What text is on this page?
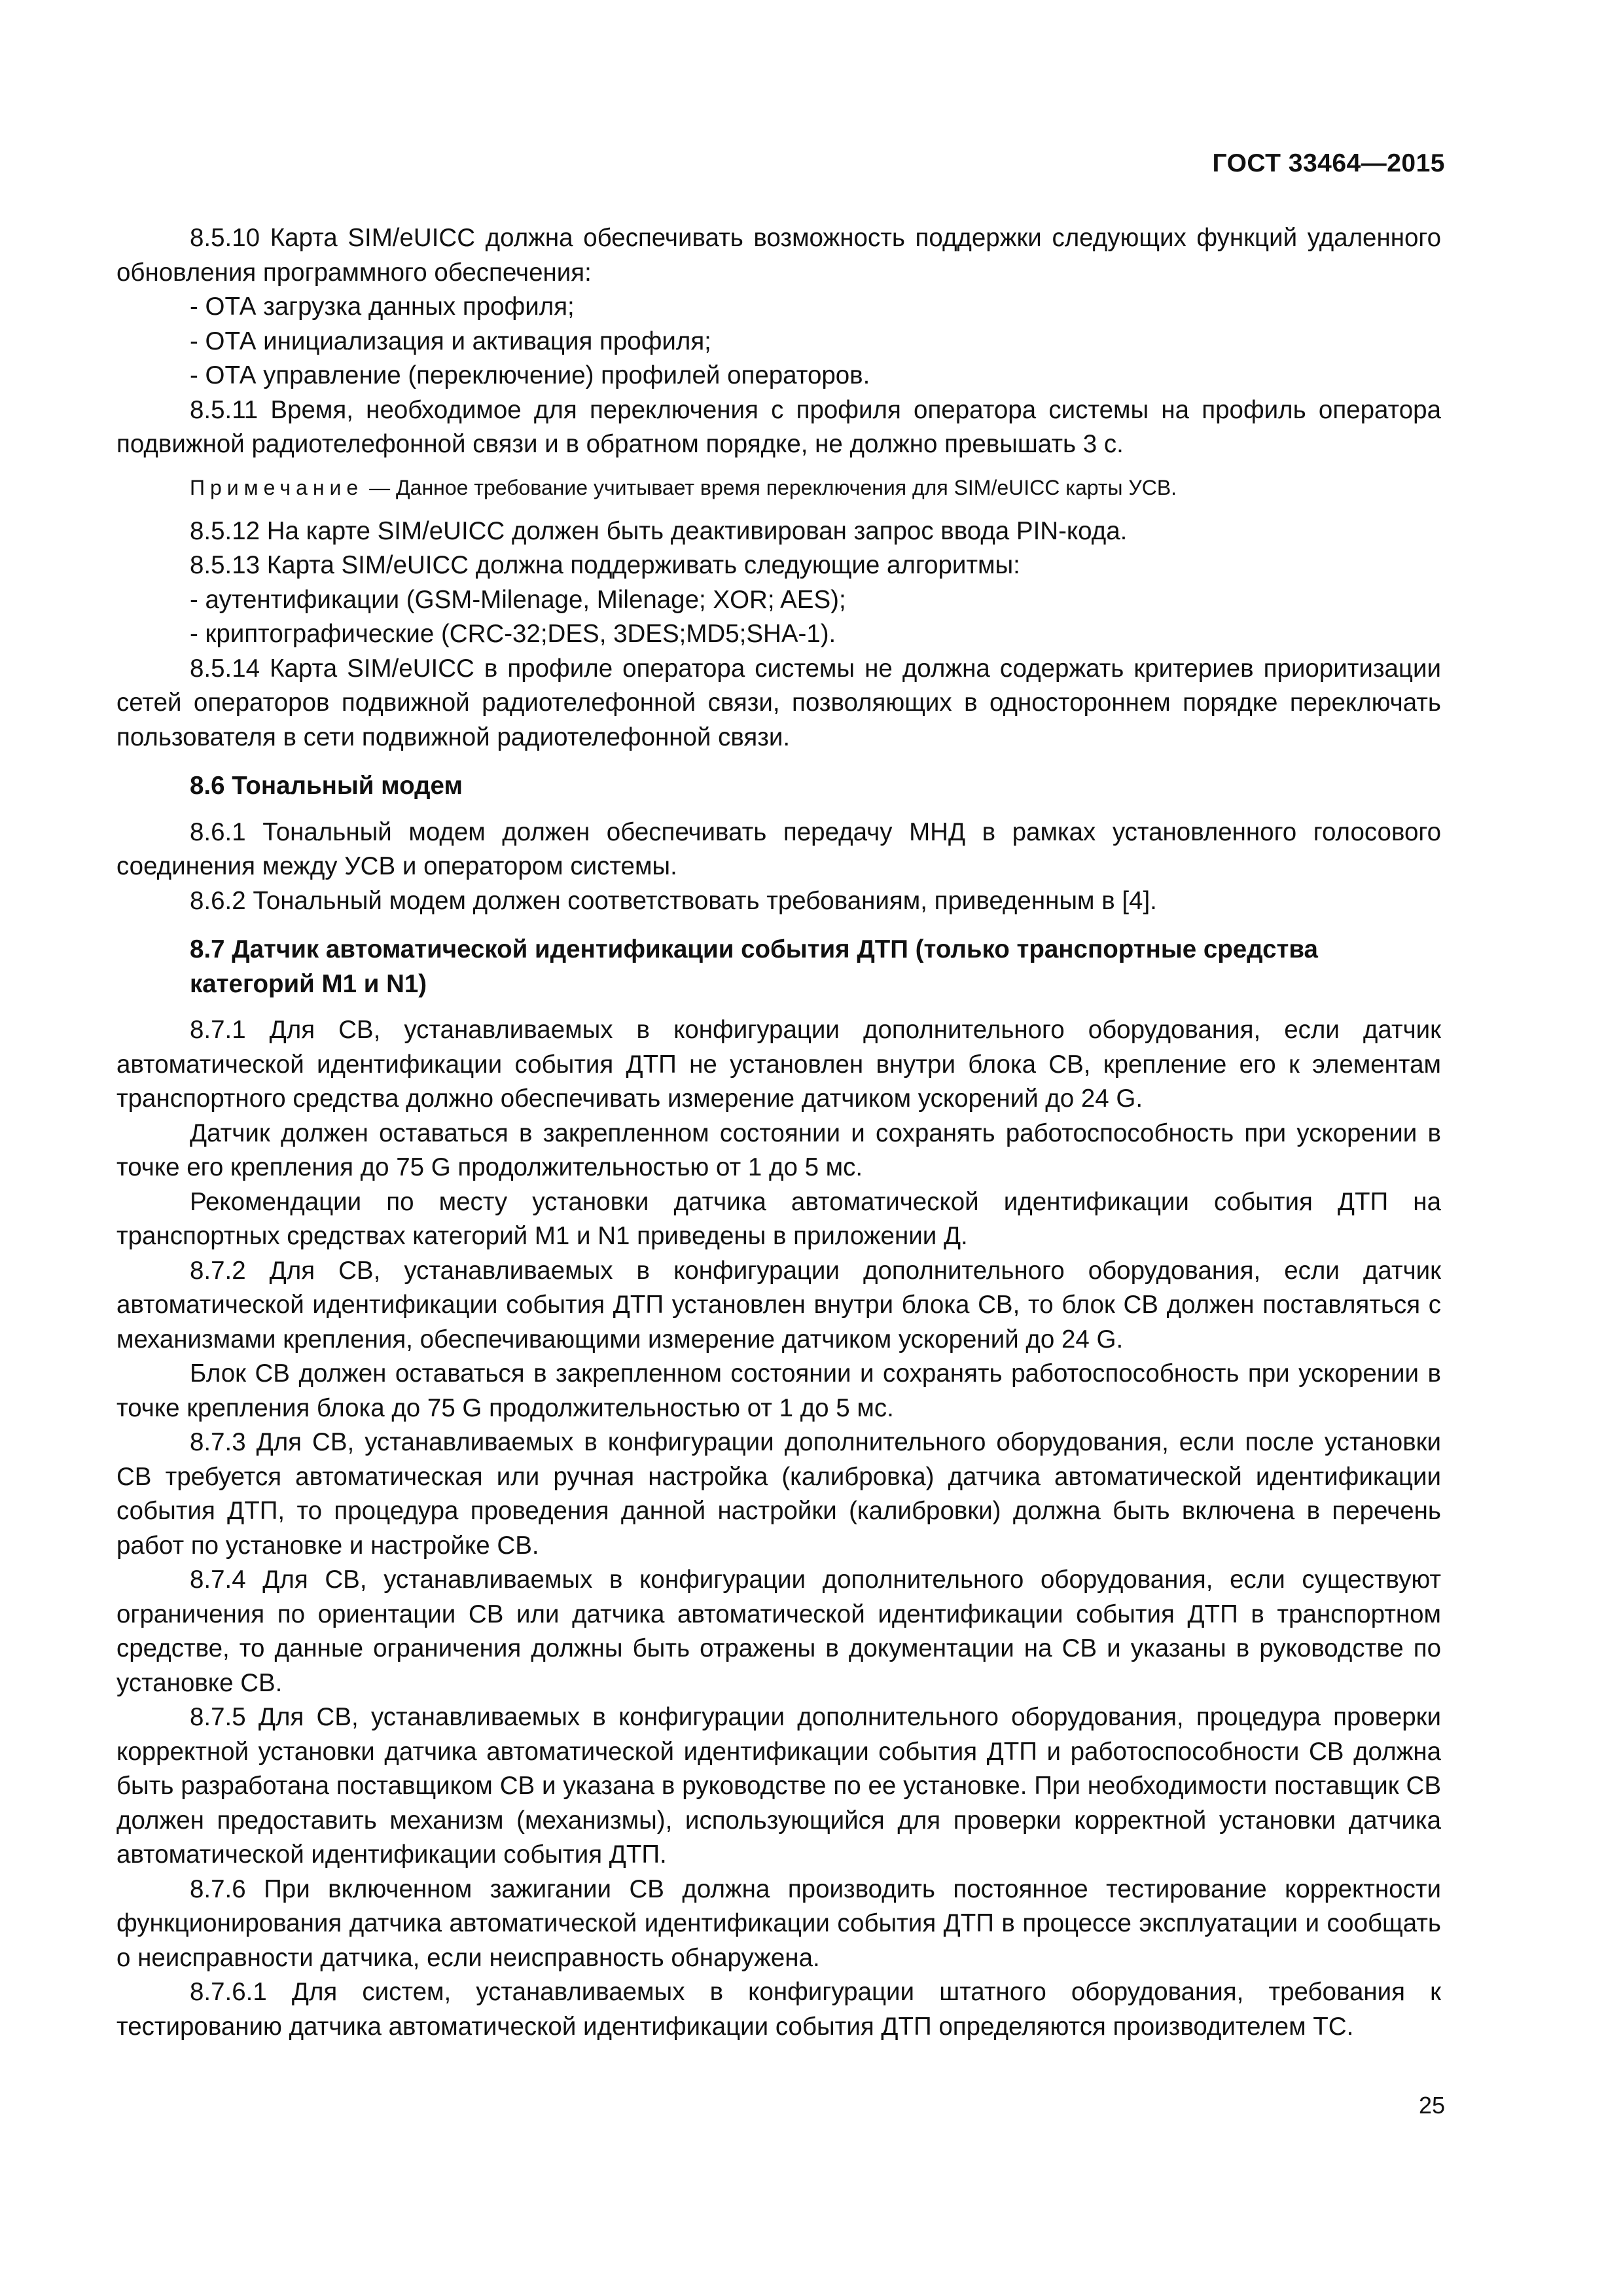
ГОСТ 33464—2015

8.5.10 Карта SIM/eUICC должна обеспечивать возможность поддержки следующих функций удаленного обновления программного обеспечения:

- ОТА загрузка данных профиля;

- ОТА инициализация и активация профиля;

- ОТА управление (переключение) профилей операторов.

8.5.11 Время, необходимое для переключения с профиля оператора системы на профиль оператора подвижной радиотелефонной связи и в обратном порядке, не должно превышать 3 с.

Примечание — Данное требование учитывает время переключения для SIM/eUICC карты УСВ.

8.5.12 На карте SIM/eUICC должен быть деактивирован запрос ввода PIN-кода.

8.5.13 Карта SIM/eUICC должна поддерживать следующие алгоритмы:

- аутентификации (GSM-Milenage, Milenage; XOR; AES);

- криптографические (CRC-32;DES, 3DES;MD5;SHA-1).

8.5.14 Карта SIM/eUICC в профиле оператора системы не должна содержать критериев приоритизации сетей операторов подвижной радиотелефонной связи, позволяющих в одностороннем порядке переключать пользователя в сети подвижной радиотелефонной связи.

8.6 Тональный модем

8.6.1 Тональный модем должен обеспечивать передачу МНД в рамках установленного голосового соединения между УСВ и оператором системы.

8.6.2 Тональный модем должен соответствовать требованиям, приведенным в [4].

8.7 Датчик автоматической идентификации события ДТП (только транспортные средства категорий М1 и N1)

8.7.1 Для СВ, устанавливаемых в конфигурации дополнительного оборудования, если датчик автоматической идентификации события ДТП не установлен внутри блока СВ, крепление его к элементам транспортного средства должно обеспечивать измерение датчиком ускорений до 24 G.

Датчик должен оставаться в закрепленном состоянии и сохранять работоспособность при ускорении в точке его крепления до 75 G продолжительностью от 1 до 5 мс.

Рекомендации по месту установки датчика автоматической идентификации события ДТП на транспортных средствах категорий М1 и N1 приведены в приложении Д.

8.7.2 Для СВ, устанавливаемых в конфигурации дополнительного оборудования, если датчик автоматической идентификации события ДТП установлен внутри блока СВ, то блок СВ должен поставляться с механизмами крепления, обеспечивающими измерение датчиком ускорений до 24 G.

Блок СВ должен оставаться в закрепленном состоянии и сохранять работоспособность при ускорении в точке крепления блока до 75 G продолжительностью от 1 до 5 мс.

8.7.3 Для СВ, устанавливаемых в конфигурации дополнительного оборудования, если после установки СВ требуется автоматическая или ручная настройка (калибровка) датчика автоматической идентификации события ДТП, то процедура проведения данной настройки (калибровки) должна быть включена в перечень работ по установке и настройке СВ.

8.7.4 Для СВ, устанавливаемых в конфигурации дополнительного оборудования, если существуют ограничения по ориентации СВ или датчика автоматической идентификации события ДТП в транспортном средстве, то данные ограничения должны быть отражены в документации на СВ и указаны в руководстве по установке СВ.

8.7.5 Для СВ, устанавливаемых в конфигурации дополнительного оборудования, процедура проверки корректной установки датчика автоматической идентификации события ДТП и работоспособности СВ должна быть разработана поставщиком СВ и указана в руководстве по ее установке. При необходимости поставщик СВ должен предоставить механизм (механизмы), использующийся для проверки корректной установки датчика автоматической идентификации события ДТП.

8.7.6 При включенном зажигании СВ должна производить постоянное тестирование корректности функционирования датчика автоматической идентификации события ДТП в процессе эксплуатации и сообщать о неисправности датчика, если неисправность обнаружена.

8.7.6.1 Для систем, устанавливаемых в конфигурации штатного оборудования, требования к тестированию датчика автоматической идентификации события ДТП определяются производителем ТС.

25
